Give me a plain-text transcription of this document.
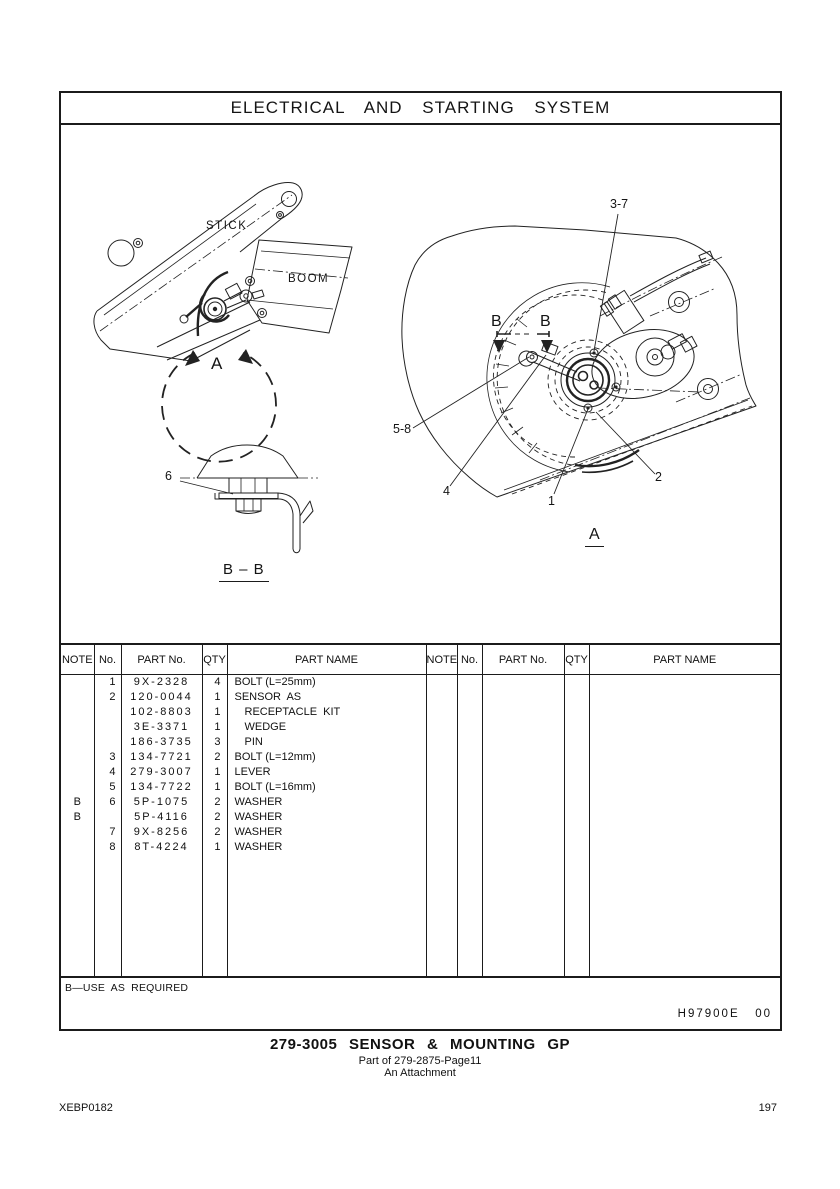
ELECTRICAL AND STARTING SYSTEM
STICK
BOOM
A
3-7
B B
5-8
4
1
2
A
6
B – B
NOTE	No.	PART No.	QTY	PART NAME	NOTE	No.	PART No.	QTY	PART NAME
	1	9X-2328	4	BOLT (L=25mm)					
	2	120-0044	1	SENSOR  AS					
		102-8803	1	RECEPTACLE  KIT					
		3E-3371	1	WEDGE					
		186-3735	3	PIN					
	3	134-7721	2	BOLT (L=12mm)					
	4	279-3007	1	LEVER					
	5	134-7722	1	BOLT (L=16mm)					
B	6	5P-1075	2	WASHER					
B		5P-4116	2	WASHER					
	7	9X-8256	2	WASHER					
	8	8T-4224	1	WASHER					

B—USE AS REQUIRED
H97900E   00
279-3005 SENSOR & MOUNTING GP
Part of 279-2875-Page11
An Attachment
XEBP0182	197
